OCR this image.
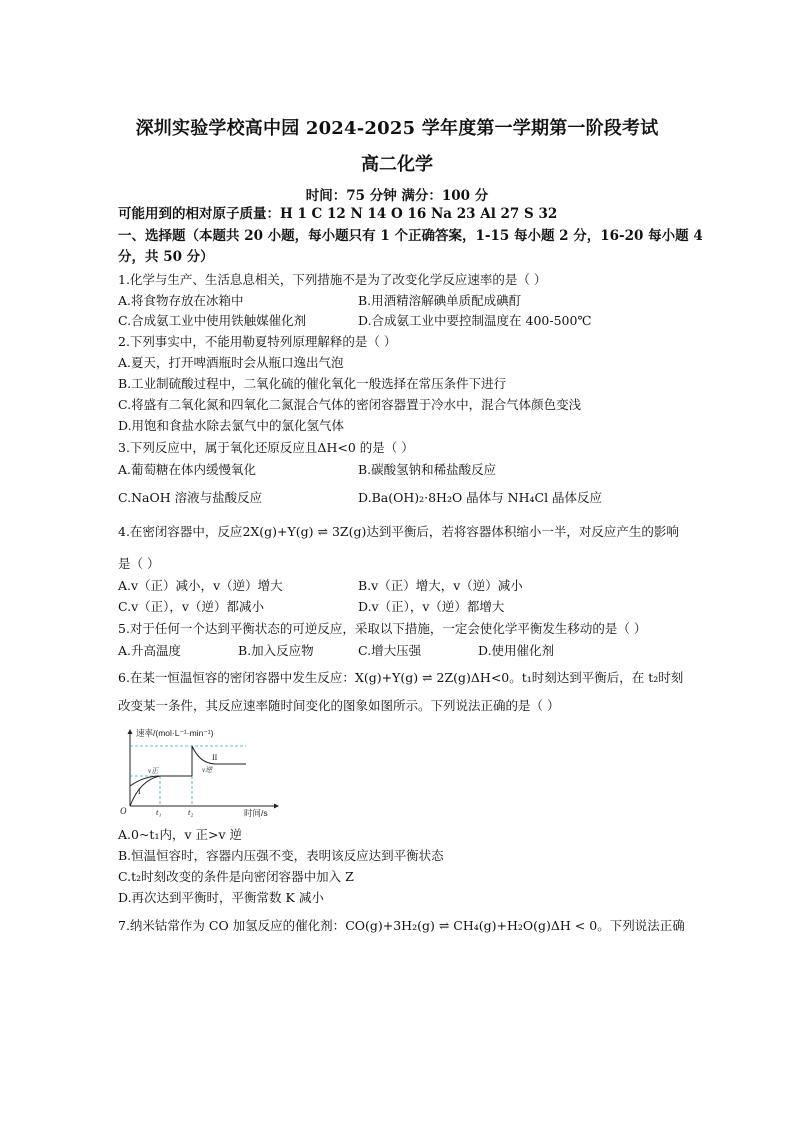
深圳实验学校高中园 2024-2025 学年度第一学期第一阶段考试
高二化学
时间：75 分钟 满分：100 分
可能用到的相对原子质量：H 1 C 12 N 14 O 16 Na 23 Al 27 S 32
一、选择题（本题共 20 小题，每小题只有 1 个正确答案，1-15 每小题 2 分，16-20 每小题 4
分，共 50 分）
1.化学与生产、生活息息相关，下列措施不是为了改变化学反应速率的是（ ）
A.将食物存放在冰箱中	B.用酒精溶解碘单质配成碘酊
C.合成氨工业中使用铁触媒催化剂	D.合成氨工业中要控制温度在 400-500℃
2.下列事实中，不能用勒夏特列原理解释的是（ ）
A.夏天，打开啤酒瓶时会从瓶口逸出气泡
B.工业制硫酸过程中，二氧化硫的催化氧化一般选择在常压条件下进行
C.将盛有二氧化氮和四氧化二氮混合气体的密闭容器置于冷水中，混合气体颜色变浅
D.用饱和食盐水除去氯气中的氯化氢气体
3.下列反应中，属于氧化还原反应且ΔH<0 的是（ ）
A.葡萄糖在体内缓慢氧化	B.碳酸氢钠和稀盐酸反应
C.NaOH 溶液与盐酸反应	D.Ba(OH)₂·8H₂O 晶体与 NH₄Cl 晶体反应
4.在密闭容器中，反应2X(g)+Y(g) ⇌ 3Z(g)达到平衡后，若将容器体积缩小一半，对反应产生的影响
是（ ）
A.v（正）减小，v（逆）增大	B.v（正）增大，v（逆）减小
C.v（正），v（逆）都减小	D.v（正），v（逆）都增大
5.对于任何一个达到平衡状态的可逆反应，采取以下措施，一定会使化学平衡发生移动的是（ ）
A.升高温度	B.加入反应物	C.增大压强	D.使用催化剂
6.在某一恒温恒容的密闭容器中发生反应：X(g)+Y(g) ⇌ 2Z(g)ΔH<0。t₁时刻达到平衡后，在 t₂时刻
改变某一条件，其反应速率随时间变化的图象如图所示。下列说法正确的是（ ）
速率/(mol·L⁻¹·min⁻¹)
时间/s
O	t₁	t₂
I
II
v正	v逆
A.0~t₁内，v 正>v 逆
B.恒温恒容时，容器内压强不变，表明该反应达到平衡状态
C.t₂时刻改变的条件是向密闭容器中加入 Z
D.再次达到平衡时，平衡常数 K 减小
7.纳米钴常作为 CO 加氢反应的催化剂：CO(g)+3H₂(g) ⇌ CH₄(g)+H₂O(g)ΔH < 0。下列说法正确
